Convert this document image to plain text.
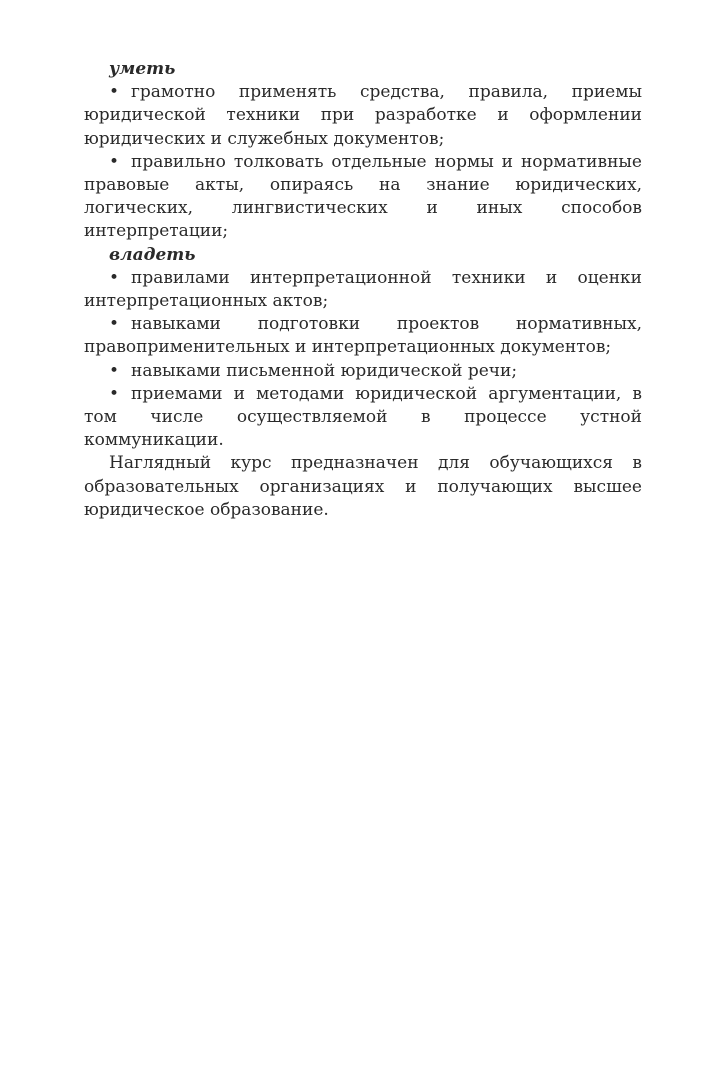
уметь

• грамотно применять средства, правила, приемы юридической техники при разработке и оформлении юридических и служебных документов;

• правильно толковать отдельные нормы и нормативные правовые акты, опираясь на знание юридических, логических, лингвистических и иных способов интерпретации;

владеть

• правилами интерпретационной техники и оценки интерпретационных актов;

• навыками подготовки проектов нормативных, правоприменительных и интерпретационных документов;

• навыками письменной юридической речи;

• приемами и методами юридической аргументации, в том числе осуществляемой в процессе устной коммуникации.

Наглядный курс предназначен для обучающихся в образовательных организациях и получающих высшее юридическое образование.
